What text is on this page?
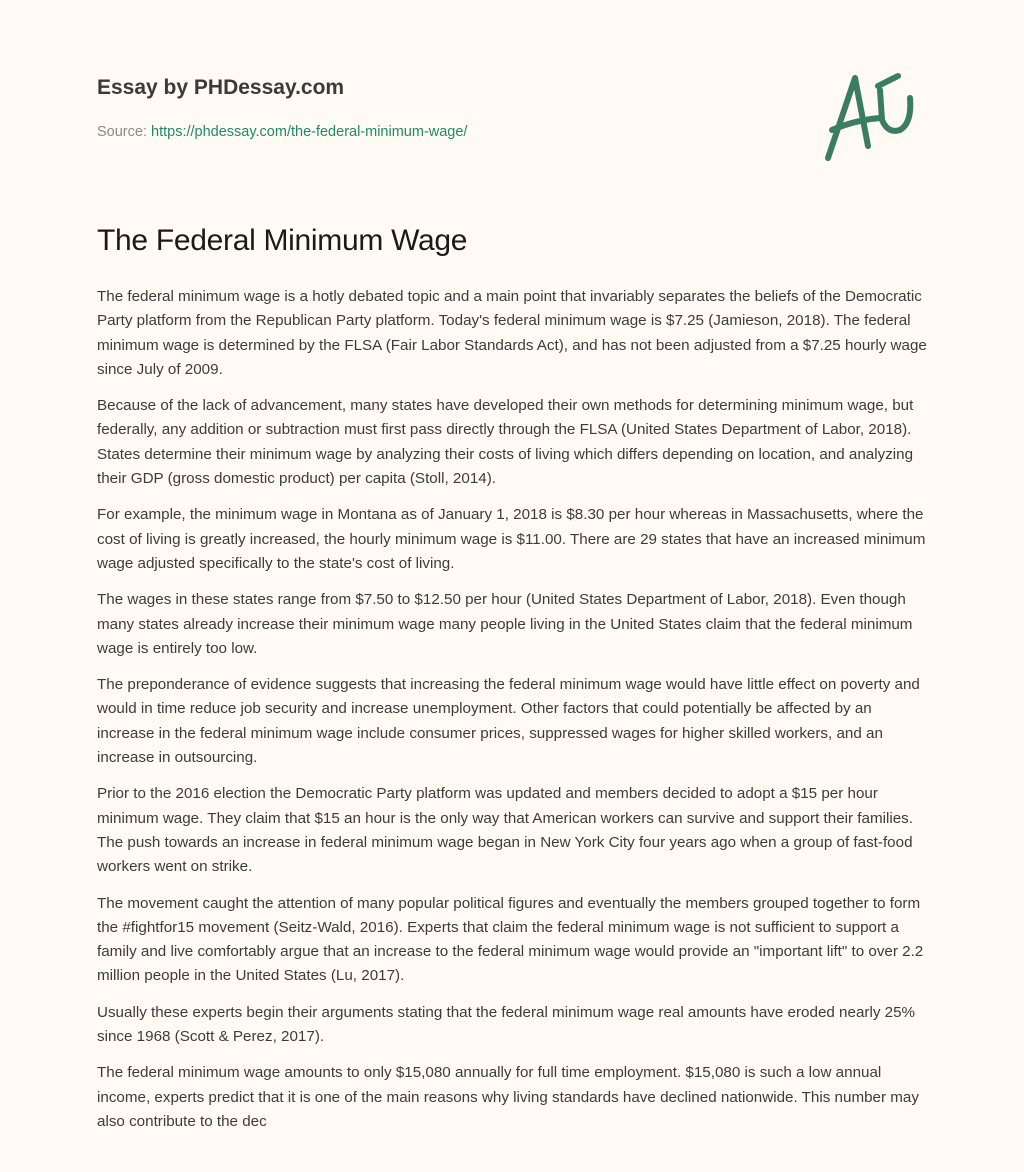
Essay by PHDessay.com
Source: https://phdessay.com/the-federal-minimum-wage/
The Federal Minimum Wage

The federal minimum wage is a hotly debated topic and a main point that invariably separates the beliefs of the Democratic Party platform from the Republican Party platform. Today's federal minimum wage is $7.25 (Jamieson, 2018). The federal minimum wage is determined by the FLSA (Fair Labor Standards Act), and has not been adjusted from a $7.25 hourly wage since July of 2009.

Because of the lack of advancement, many states have developed their own methods for determining minimum wage, but federally, any addition or subtraction must first pass directly through the FLSA (United States Department of Labor, 2018). States determine their minimum wage by analyzing their costs of living which differs depending on location, and analyzing their GDP (gross domestic product) per capita (Stoll, 2014).

For example, the minimum wage in Montana as of January 1, 2018 is $8.30 per hour whereas in Massachusetts, where the cost of living is greatly increased, the hourly minimum wage is $11.00. There are 29 states that have an increased minimum wage adjusted specifically to the state's cost of living.

The wages in these states range from $7.50 to $12.50 per hour (United States Department of Labor, 2018). Even though many states already increase their minimum wage many people living in the United States claim that the federal minimum wage is entirely too low.

The preponderance of evidence suggests that increasing the federal minimum wage would have little effect on poverty and would in time reduce job security and increase unemployment. Other factors that could potentially be affected by an increase in the federal minimum wage include consumer prices, suppressed wages for higher skilled workers, and an increase in outsourcing.

Prior to the 2016 election the Democratic Party platform was updated and members decided to adopt a $15 per hour minimum wage. They claim that $15 an hour is the only way that American workers can survive and support their families. The push towards an increase in federal minimum wage began in New York City four years ago when a group of fast-food workers went on strike.

The movement caught the attention of many popular political figures and eventually the members grouped together to form the #fightfor15 movement (Seitz-Wald, 2016). Experts that claim the federal minimum wage is not sufficient to support a family and live comfortably argue that an increase to the federal minimum wage would provide an "important lift" to over 2.2 million people in the United States (Lu, 2017).

Usually these experts begin their arguments stating that the federal minimum wage real amounts have eroded nearly 25% since 1968 (Scott & Perez, 2017).

The federal minimum wage amounts to only $15,080 annually for full time employment. $15,080 is such a low annual income, experts predict that it is one of the main reasons why living standards have declined nationwide. This number may also contribute to the dec
